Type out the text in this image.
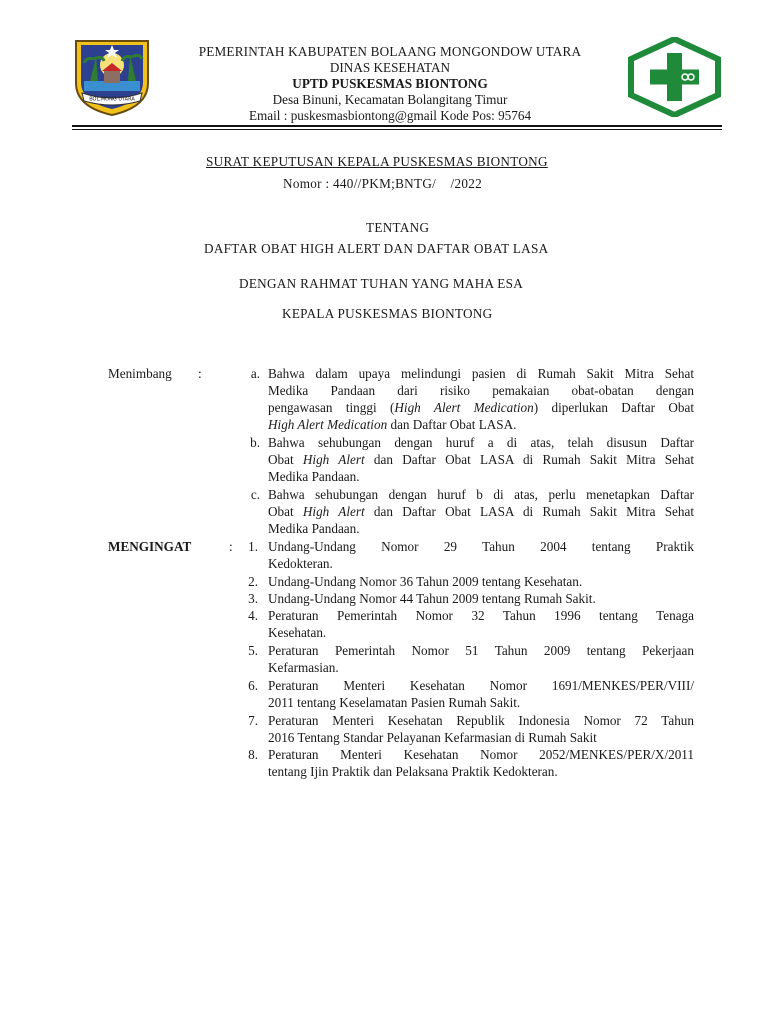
BOL.MONG UTARA
PEMERINTAH KABUPATEN BOLAANG MONGONDOW UTARA
DINAS KESEHATAN
UPTD PUSKESMAS BIONTONG
Desa Binuni, Kecamatan Bolangitang Timur
Email : puskesmasbiontong@gmail Kode Pos: 95764
SURAT KEPUTUSAN KEPALA PUSKESMAS BIONTONG
Nomor : 440//PKM;BNTG/    /2022
TENTANG
DAFTAR OBAT HIGH ALERT DAN DAFTAR OBAT LASA
DENGAN RAHMAT TUHAN YANG MAHA ESA
KEPALA PUSKESMAS BIONTONG
Menimbang :
MENGINGAT	:
a. Bahwa dalam upaya melindungi pasien di Rumah Sakit Mitra Sehat
Medika Pandaan dari risiko pemakaian obat-obatan dengan
pengawasan tinggi (High Alert Medication) diperlukan Daftar Obat
High Alert Medication dan Daftar Obat LASA.
b. Bahwa sehubungan dengan huruf a di atas, telah disusun Daftar
Obat High Alert dan Daftar Obat LASA di Rumah Sakit Mitra Sehat
Medika Pandaan.
c. Bahwa sehubungan dengan huruf b di atas, perlu menetapkan Daftar
Obat High Alert dan Daftar Obat LASA di Rumah Sakit Mitra Sehat
Medika Pandaan.
1. Undang-Undang Nomor 29 Tahun 2004 tentang Praktik
Kedokteran.
2. Undang-Undang Nomor 36 Tahun 2009 tentang Kesehatan.
3. Undang-Undang Nomor 44 Tahun 2009 tentang Rumah Sakit.
4. Peraturan Pemerintah Nomor 32 Tahun 1996 tentang Tenaga
Kesehatan.
5. Peraturan Pemerintah Nomor 51 Tahun 2009 tentang Pekerjaan
Kefarmasian.
6. Peraturan Menteri Kesehatan Nomor 1691/MENKES/PER/VIII/
2011 tentang Keselamatan Pasien Rumah Sakit.
7. Peraturan Menteri Kesehatan Republik Indonesia Nomor 72 Tahun
2016 Tentang Standar Pelayanan Kefarmasian di Rumah Sakit
8. Peraturan Menteri Kesehatan Nomor 2052/MENKES/PER/X/2011
tentang Ijin Praktik dan Pelaksana Praktik Kedokteran.
